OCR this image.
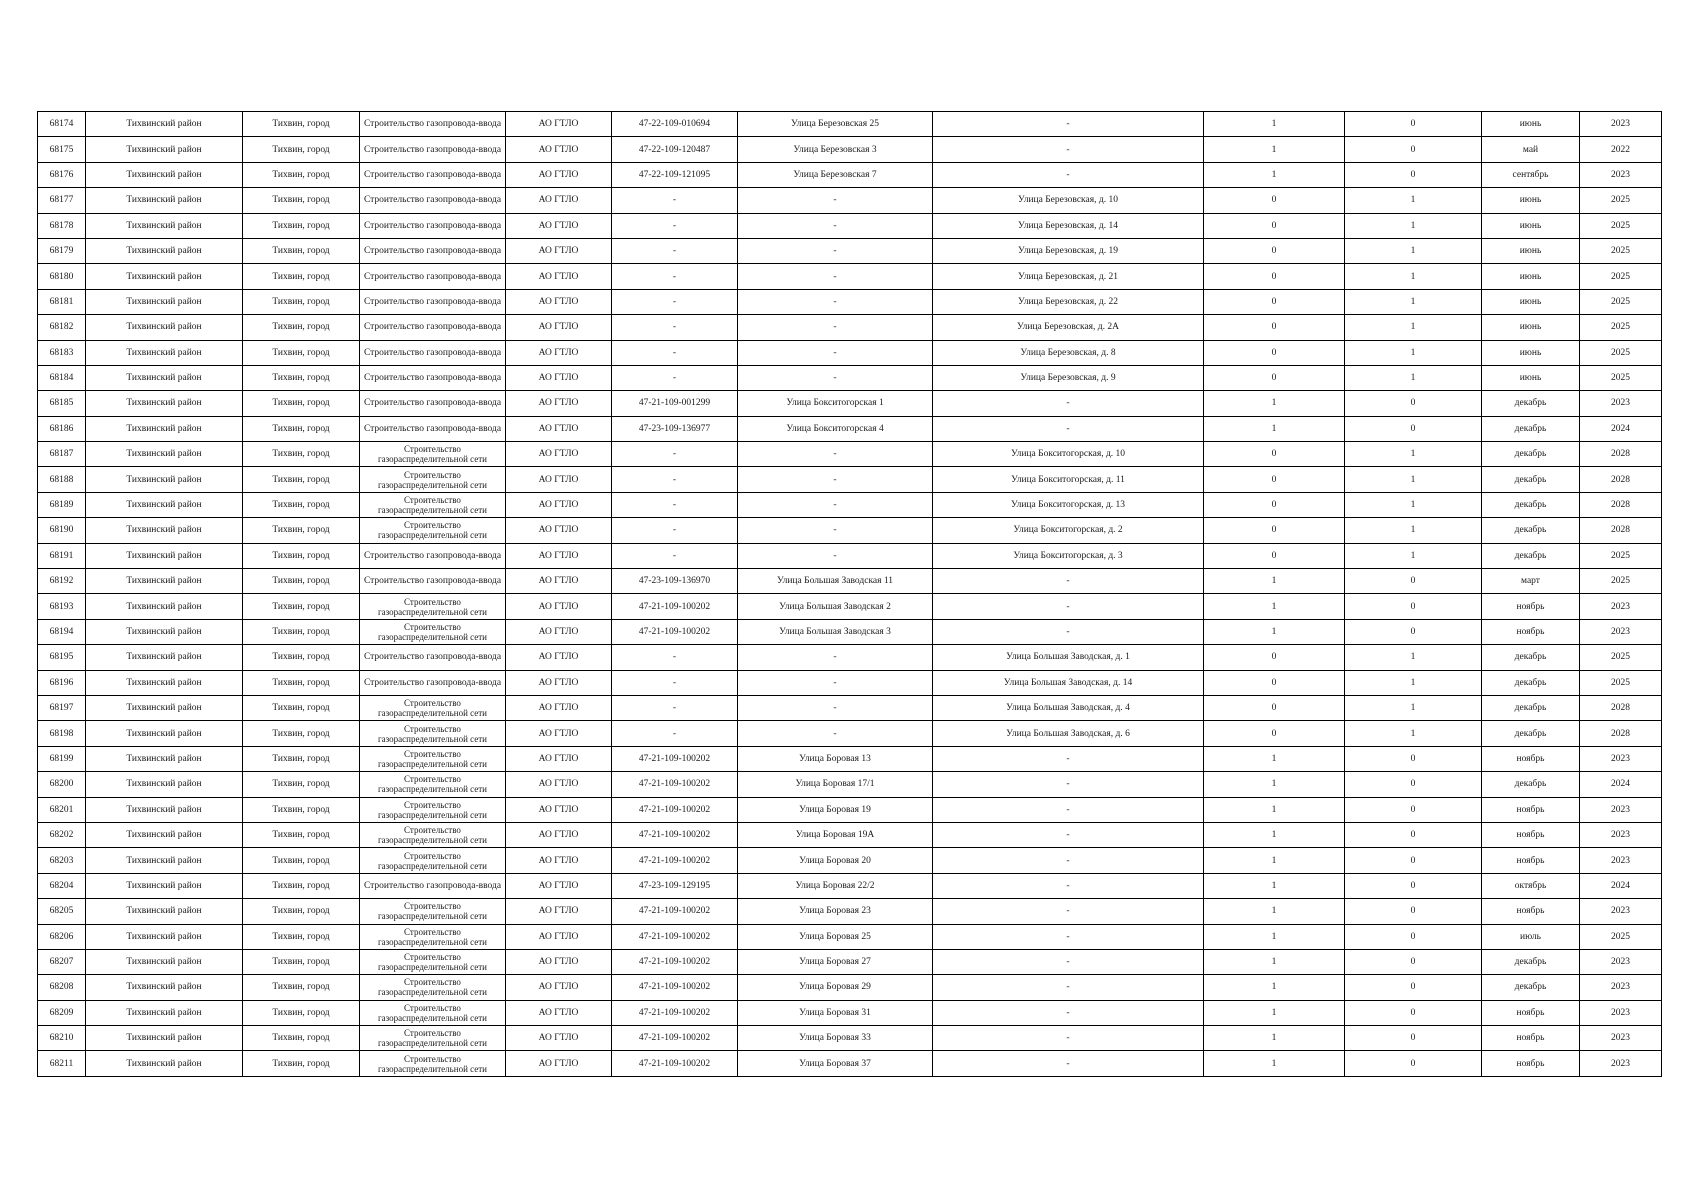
68174	Тихвинский район	Тихвин, город	Строительство газопровода-ввода	АО ГТЛО	47-22-109-010694	Улица Березовская 25	-	1	0	июнь	2023
68175	Тихвинский район	Тихвин, город	Строительство газопровода-ввода	АО ГТЛО	47-22-109-120487	Улица Березовская 3	-	1	0	май	2022
68176	Тихвинский район	Тихвин, город	Строительство газопровода-ввода	АО ГТЛО	47-22-109-121095	Улица Березовская 7	-	1	0	сентябрь	2023
68177	Тихвинский район	Тихвин, город	Строительство газопровода-ввода	АО ГТЛО	-	-	Улица Березовская, д. 10	0	1	июнь	2025
68178	Тихвинский район	Тихвин, город	Строительство газопровода-ввода	АО ГТЛО	-	-	Улица Березовская, д. 14	0	1	июнь	2025
68179	Тихвинский район	Тихвин, город	Строительство газопровода-ввода	АО ГТЛО	-	-	Улица Березовская, д. 19	0	1	июнь	2025
68180	Тихвинский район	Тихвин, город	Строительство газопровода-ввода	АО ГТЛО	-	-	Улица Березовская, д. 21	0	1	июнь	2025
68181	Тихвинский район	Тихвин, город	Строительство газопровода-ввода	АО ГТЛО	-	-	Улица Березовская, д. 22	0	1	июнь	2025
68182	Тихвинский район	Тихвин, город	Строительство газопровода-ввода	АО ГТЛО	-	-	Улица Березовская, д. 2А	0	1	июнь	2025
68183	Тихвинский район	Тихвин, город	Строительство газопровода-ввода	АО ГТЛО	-	-	Улица Березовская, д. 8	0	1	июнь	2025
68184	Тихвинский район	Тихвин, город	Строительство газопровода-ввода	АО ГТЛО	-	-	Улица Березовская, д. 9	0	1	июнь	2025
68185	Тихвинский район	Тихвин, город	Строительство газопровода-ввода	АО ГТЛО	47-21-109-001299	Улица Бокситогорская 1	-	1	0	декабрь	2023
68186	Тихвинский район	Тихвин, город	Строительство газопровода-ввода	АО ГТЛО	47-23-109-136977	Улица Бокситогорская 4	-	1	0	декабрь	2024
68187	Тихвинский район	Тихвин, город	Строительство газораспределительной сети	АО ГТЛО	-	-	Улица Бокситогорская, д. 10	0	1	декабрь	2028
68188	Тихвинский район	Тихвин, город	Строительство газораспределительной сети	АО ГТЛО	-	-	Улица Бокситогорская, д. 11	0	1	декабрь	2028
68189	Тихвинский район	Тихвин, город	Строительство газораспределительной сети	АО ГТЛО	-	-	Улица Бокситогорская, д. 13	0	1	декабрь	2028
68190	Тихвинский район	Тихвин, город	Строительство газораспределительной сети	АО ГТЛО	-	-	Улица Бокситогорская, д. 2	0	1	декабрь	2028
68191	Тихвинский район	Тихвин, город	Строительство газопровода-ввода	АО ГТЛО	-	-	Улица Бокситогорская, д. 3	0	1	декабрь	2025
68192	Тихвинский район	Тихвин, город	Строительство газопровода-ввода	АО ГТЛО	47-23-109-136970	Улица Большая Заводская 11	-	1	0	март	2025
68193	Тихвинский район	Тихвин, город	Строительство газораспределительной сети	АО ГТЛО	47-21-109-100202	Улица Большая Заводская 2	-	1	0	ноябрь	2023
68194	Тихвинский район	Тихвин, город	Строительство газораспределительной сети	АО ГТЛО	47-21-109-100202	Улица Большая Заводская 3	-	1	0	ноябрь	2023
68195	Тихвинский район	Тихвин, город	Строительство газопровода-ввода	АО ГТЛО	-	-	Улица Большая Заводская, д. 1	0	1	декабрь	2025
68196	Тихвинский район	Тихвин, город	Строительство газопровода-ввода	АО ГТЛО	-	-	Улица Большая Заводская, д. 14	0	1	декабрь	2025
68197	Тихвинский район	Тихвин, город	Строительство газораспределительной сети	АО ГТЛО	-	-	Улица Большая Заводская, д. 4	0	1	декабрь	2028
68198	Тихвинский район	Тихвин, город	Строительство газораспределительной сети	АО ГТЛО	-	-	Улица Большая Заводская, д. 6	0	1	декабрь	2028
68199	Тихвинский район	Тихвин, город	Строительство газораспределительной сети	АО ГТЛО	47-21-109-100202	Улица Боровая 13	-	1	0	ноябрь	2023
68200	Тихвинский район	Тихвин, город	Строительство газораспределительной сети	АО ГТЛО	47-21-109-100202	Улица Боровая 17/1	-	1	0	декабрь	2024
68201	Тихвинский район	Тихвин, город	Строительство газораспределительной сети	АО ГТЛО	47-21-109-100202	Улица Боровая 19	-	1	0	ноябрь	2023
68202	Тихвинский район	Тихвин, город	Строительство газораспределительной сети	АО ГТЛО	47-21-109-100202	Улица Боровая 19А	-	1	0	ноябрь	2023
68203	Тихвинский район	Тихвин, город	Строительство газораспределительной сети	АО ГТЛО	47-21-109-100202	Улица Боровая 20	-	1	0	ноябрь	2023
68204	Тихвинский район	Тихвин, город	Строительство газопровода-ввода	АО ГТЛО	47-23-109-129195	Улица Боровая 22/2	-	1	0	октябрь	2024
68205	Тихвинский район	Тихвин, город	Строительство газораспределительной сети	АО ГТЛО	47-21-109-100202	Улица Боровая 23	-	1	0	ноябрь	2023
68206	Тихвинский район	Тихвин, город	Строительство газораспределительной сети	АО ГТЛО	47-21-109-100202	Улица Боровая 25	-	1	0	июль	2025
68207	Тихвинский район	Тихвин, город	Строительство газораспределительной сети	АО ГТЛО	47-21-109-100202	Улица Боровая 27	-	1	0	декабрь	2023
68208	Тихвинский район	Тихвин, город	Строительство газораспределительной сети	АО ГТЛО	47-21-109-100202	Улица Боровая 29	-	1	0	декабрь	2023
68209	Тихвинский район	Тихвин, город	Строительство газораспределительной сети	АО ГТЛО	47-21-109-100202	Улица Боровая 31	-	1	0	ноябрь	2023
68210	Тихвинский район	Тихвин, город	Строительство газораспределительной сети	АО ГТЛО	47-21-109-100202	Улица Боровая 33	-	1	0	ноябрь	2023
68211	Тихвинский район	Тихвин, город	Строительство газораспределительной сети	АО ГТЛО	47-21-109-100202	Улица Боровая 37	-	1	0	ноябрь	2023
